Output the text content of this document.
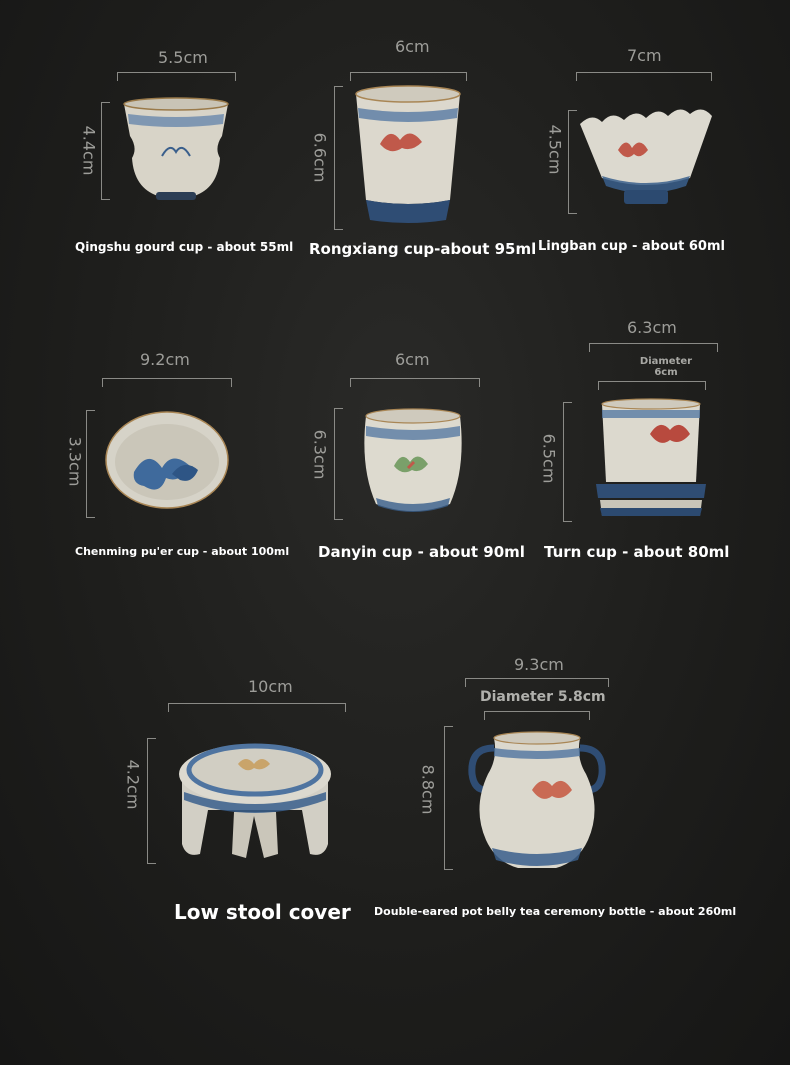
5.5cm
4.4cm
Qingshu gourd cup - about 55ml
6cm
6.6cm
Rongxiang cup-about 95ml
7cm
4.5cm
Lingban cup - about 60ml
9.2cm
3.3cm
Chenming pu'er cup - about 100ml
6cm
6.3cm
Danyin cup - about 90ml
6.3cm
Diameter
6cm
6.5cm
Turn cup - about 80ml
10cm
4.2cm
Low stool cover
9.3cm
Diameter 5.8cm
8.8cm
Double-eared pot belly tea ceremony bottle - about 260ml
